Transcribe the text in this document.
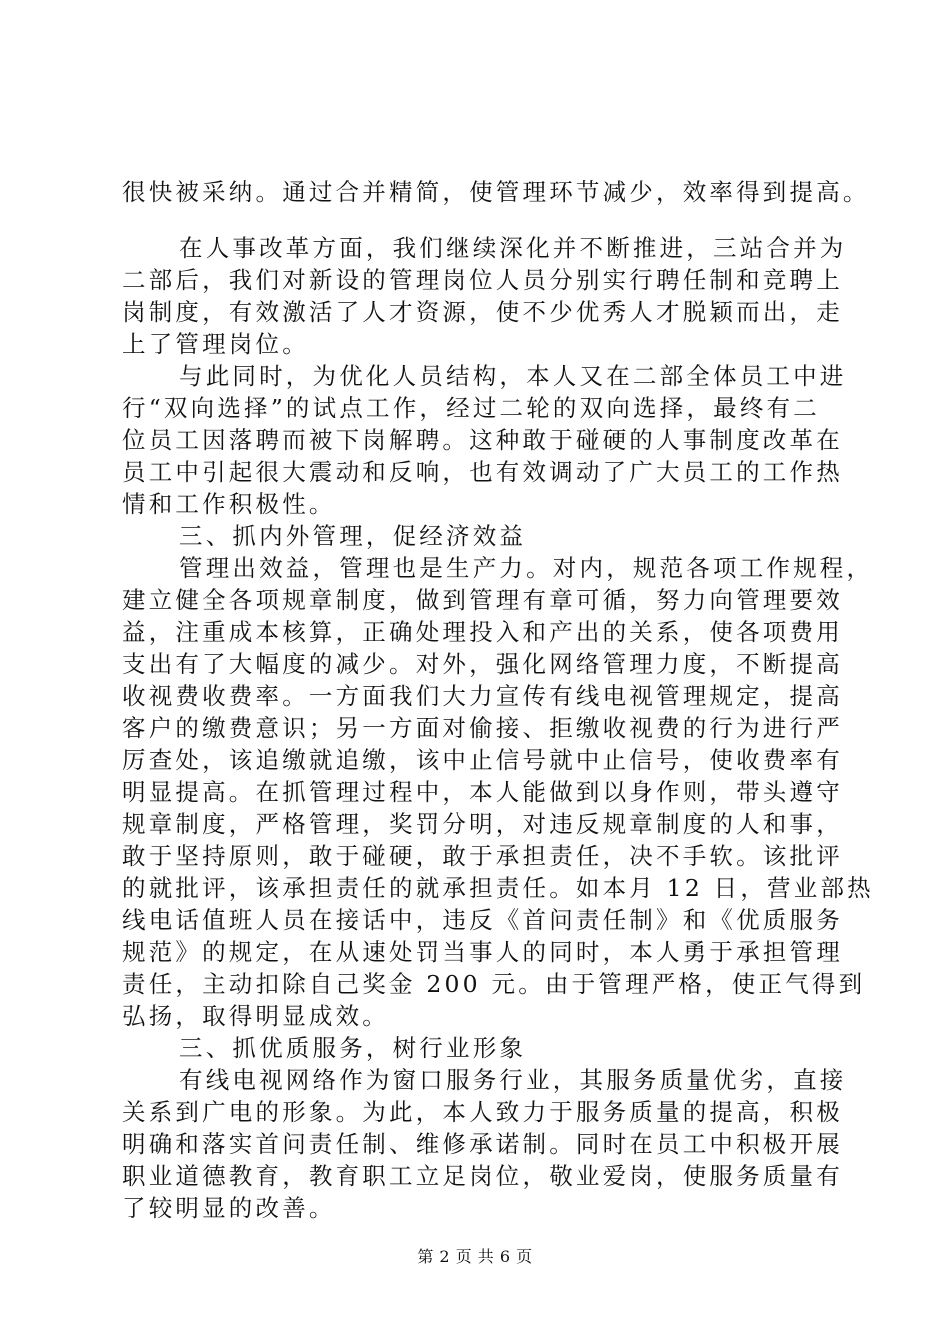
很快被采纳。通过合并精简，使管理环节减少，效率得到提高。
在人事改革方面，我们继续深化并不断推进，三站合并为
二部后，我们对新设的管理岗位人员分别实行聘任制和竞聘上
岗制度，有效激活了人才资源，使不少优秀人才脱颖而出，走
上了管理岗位。
与此同时，为优化人员结构，本人又在二部全体员工中进
行“双向选择”的试点工作，经过二轮的双向选择，最终有二
位员工因落聘而被下岗解聘。这种敢于碰硬的人事制度改革在
员工中引起很大震动和反响，也有效调动了广大员工的工作热
情和工作积极性。
三、抓内外管理，促经济效益
管理出效益，管理也是生产力。对内，规范各项工作规程，
建立健全各项规章制度，做到管理有章可循，努力向管理要效
益，注重成本核算，正确处理投入和产出的关系，使各项费用
支出有了大幅度的减少。对外，强化网络管理力度，不断提高
收视费收费率。一方面我们大力宣传有线电视管理规定，提高
客户的缴费意识；另一方面对偷接、拒缴收视费的行为进行严
厉查处，该追缴就追缴，该中止信号就中止信号，使收费率有
明显提高。在抓管理过程中，本人能做到以身作则，带头遵守
规章制度，严格管理，奖罚分明，对违反规章制度的人和事，
敢于坚持原则，敢于碰硬，敢于承担责任，决不手软。该批评
的就批评，该承担责任的就承担责任。如本月 12 日，营业部热
线电话值班人员在接话中，违反《首问责任制》和《优质服务
规范》的规定，在从速处罚当事人的同时，本人勇于承担管理
责任，主动扣除自己奖金 200 元。由于管理严格，使正气得到
弘扬，取得明显成效。
三、抓优质服务，树行业形象
有线电视网络作为窗口服务行业，其服务质量优劣，直接
关系到广电的形象。为此，本人致力于服务质量的提高，积极
明确和落实首问责任制、维修承诺制。同时在员工中积极开展
职业道德教育，教育职工立足岗位，敬业爱岗，使服务质量有
了较明显的改善。
第 2 页 共 6 页
